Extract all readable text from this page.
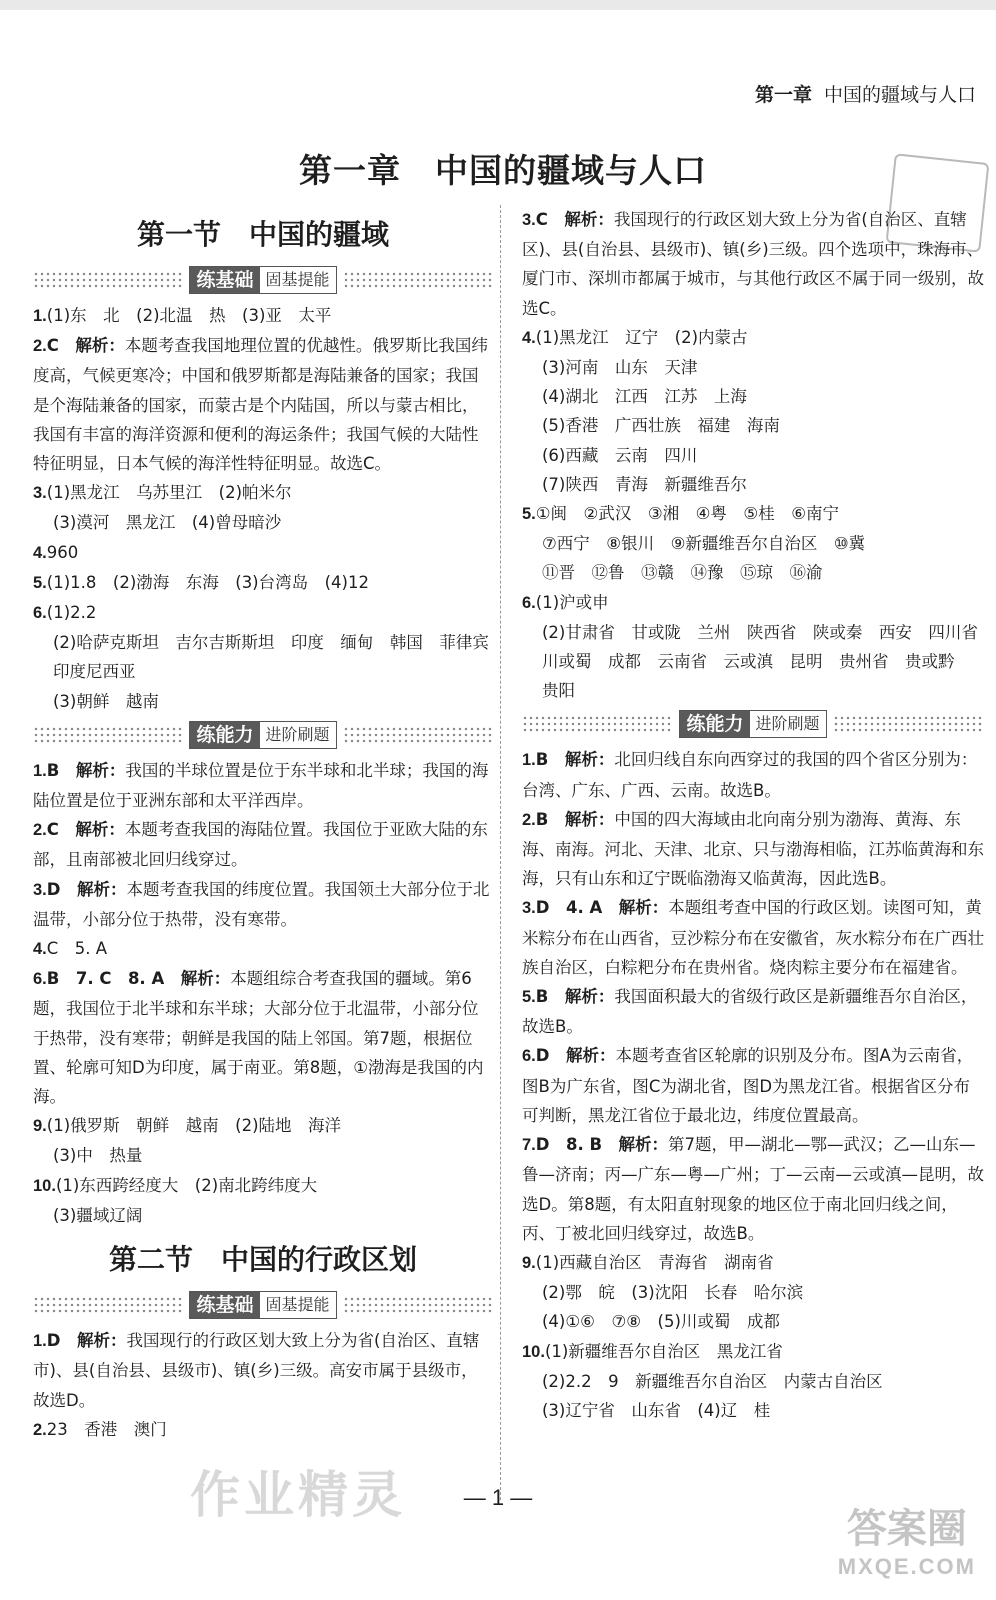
第一章 中国的疆域与人口
第一章　中国的疆域与人口
第一节　中国的疆域
练基础 固基提能
1.(1)东　北　(2)北温　热　(3)亚　太平
2.C　解析：本题考查我国地理位置的优越性。俄罗斯比我国纬度高，气候更寒冷；中国和俄罗斯都是海陆兼备的国家；我国是个海陆兼备的国家，而蒙古是个内陆国，所以与蒙古相比，我国有丰富的海洋资源和便利的海运条件；我国气候的大陆性特征明显，日本气候的海洋性特征明显。故选C。
3.(1)黑龙江　乌苏里江　(2)帕米尔
(3)漠河　黑龙江　(4)曾母暗沙
4.960
5.(1)1.8　(2)渤海　东海　(3)台湾岛　(4)12
6.(1)2.2
(2)哈萨克斯坦　吉尔吉斯斯坦　印度　缅甸　韩国　菲律宾　印度尼西亚
(3)朝鲜　越南
练能力 进阶刷题
1.B　解析：我国的半球位置是位于东半球和北半球；我国的海陆位置是位于亚洲东部和太平洋西岸。
2.C　解析：本题考查我国的海陆位置。我国位于亚欧大陆的东部，且南部被北回归线穿过。
3.D　解析：本题考查我国的纬度位置。我国领土大部分位于北温带，小部分位于热带，没有寒带。
4.C　5. A
6.B　7. C　8. A　解析：本题组综合考查我国的疆域。第6题，我国位于北半球和东半球；大部分位于北温带，小部分位于热带，没有寒带；朝鲜是我国的陆上邻国。第7题，根据位置、轮廓可知D为印度，属于南亚。第8题，①渤海是我国的内海。
9.(1)俄罗斯　朝鲜　越南　(2)陆地　海洋
(3)中　热量
10.(1)东西跨经度大　(2)南北跨纬度大
(3)疆域辽阔
第二节　中国的行政区划
练基础 固基提能
1.D　解析：我国现行的行政区划大致上分为省(自治区、直辖市)、县(自治县、县级市)、镇(乡)三级。高安市属于县级市，故选D。
2.23　香港　澳门
3.C　解析：我国现行的行政区划大致上分为省(自治区、直辖区)、县(自治县、县级市)、镇(乡)三级。四个选项中，珠海市、厦门市、深圳市都属于城市，与其他行政区不属于同一级别，故选C。
4.(1)黑龙江　辽宁　(2)内蒙古
(3)河南　山东　天津
(4)湖北　江西　江苏　上海
(5)香港　广西壮族　福建　海南
(6)西藏　云南　四川
(7)陕西　青海　新疆维吾尔
5.①闽　②武汉　③湘　④粤　⑤桂　⑥南宁
⑦西宁　⑧银川　⑨新疆维吾尔自治区　⑩冀
⑪晋　⑫鲁　⑬赣　⑭豫　⑮琼　⑯渝
6.(1)沪或申
(2)甘肃省　甘或陇　兰州　陕西省　陕或秦　西安　四川省　川或蜀　成都　云南省　云或滇　昆明　贵州省　贵或黔　贵阳
练能力 进阶刷题
1.B　解析：北回归线自东向西穿过的我国的四个省区分别为：台湾、广东、广西、云南。故选B。
2.B　解析：中国的四大海域由北向南分别为渤海、黄海、东海、南海。河北、天津、北京、只与渤海相临，江苏临黄海和东海，只有山东和辽宁既临渤海又临黄海，因此选B。
3.D　4. A　解析：本题组考查中国的行政区划。读图可知，黄米粽分布在山西省，豆沙粽分布在安徽省，灰水粽分布在广西壮族自治区，白粽粑分布在贵州省。烧肉粽主要分布在福建省。
5.B　解析：我国面积最大的省级行政区是新疆维吾尔自治区，故选B。
6.D　解析：本题考查省区轮廓的识别及分布。图A为云南省，图B为广东省，图C为湖北省，图D为黑龙江省。根据省区分布可判断，黑龙江省位于最北边，纬度位置最高。
7.D　8. B　解析：第7题，甲—湖北—鄂—武汉；乙—山东—鲁—济南；丙—广东—粤—广州；丁—云南—云或滇—昆明，故选D。第8题，有太阳直射现象的地区位于南北回归线之间，丙、丁被北回归线穿过，故选B。
9.(1)西藏自治区　青海省　湖南省
(2)鄂　皖　(3)沈阳　长春　哈尔滨
(4)①⑥　⑦⑧　(5)川或蜀　成都
10.(1)新疆维吾尔自治区　黑龙江省
(2)2.2　9　新疆维吾尔自治区　内蒙古自治区
(3)辽宁省　山东省　(4)辽　桂
— 1 —
作业精灵
答案圈
MXQE.COM
